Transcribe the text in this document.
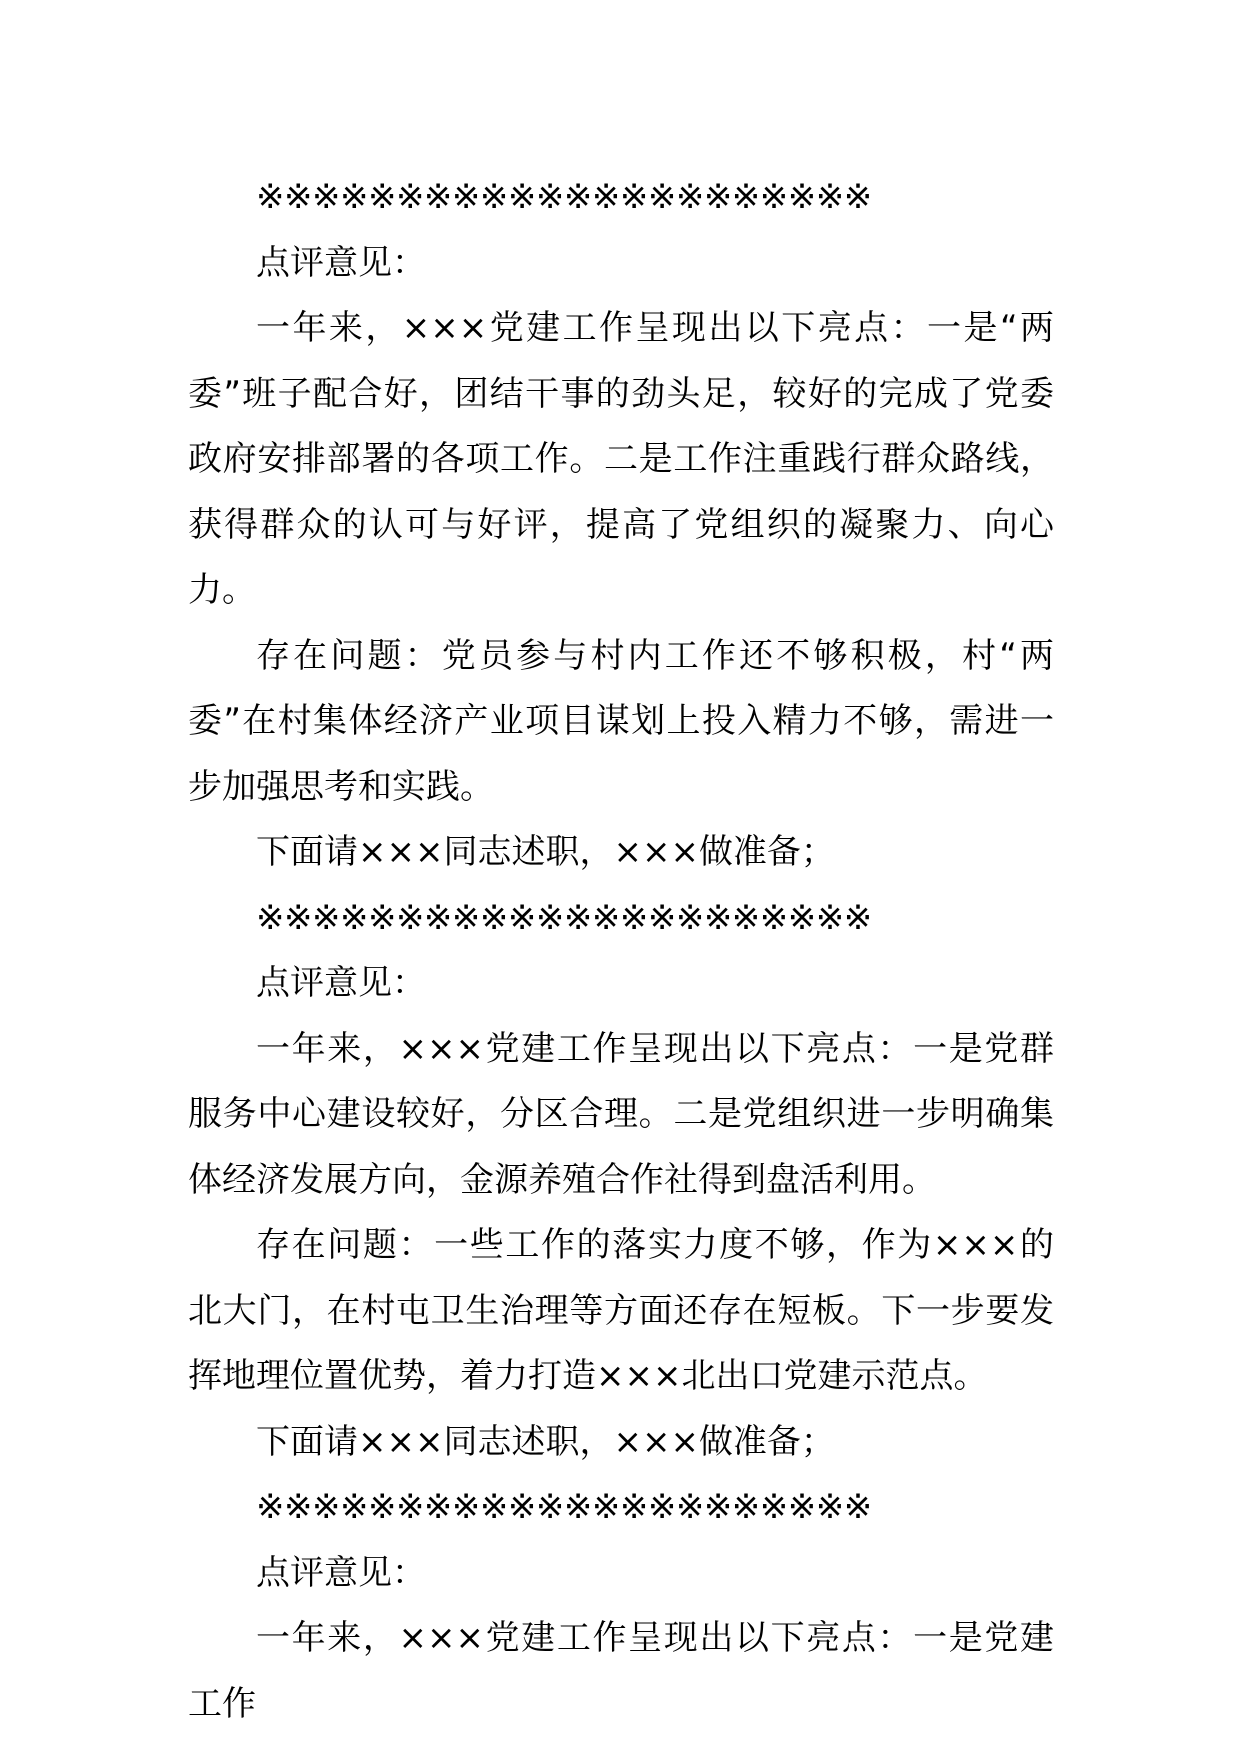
※※※※※※※※※※※※※※※※※※※※※※

点评意见：

一年来，×××党建工作呈现出以下亮点：一是“两委”班子配合好，团结干事的劲头足，较好的完成了党委政府安排部署的各项工作。二是工作注重践行群众路线，获得群众的认可与好评，提高了党组织的凝聚力、向心力。

存在问题：党员参与村内工作还不够积极，村“两委”在村集体经济产业项目谋划上投入精力不够，需进一步加强思考和实践。

下面请×××同志述职，×××做准备；

※※※※※※※※※※※※※※※※※※※※※※

点评意见：

一年来，×××党建工作呈现出以下亮点：一是党群服务中心建设较好，分区合理。二是党组织进一步明确集体经济发展方向，金源养殖合作社得到盘活利用。

存在问题：一些工作的落实力度不够，作为×××的北大门，在村屯卫生治理等方面还存在短板。下一步要发挥地理位置优势，着力打造×××北出口党建示范点。

下面请×××同志述职，×××做准备；

※※※※※※※※※※※※※※※※※※※※※※

点评意见：

一年来，×××党建工作呈现出以下亮点：一是党建工作
